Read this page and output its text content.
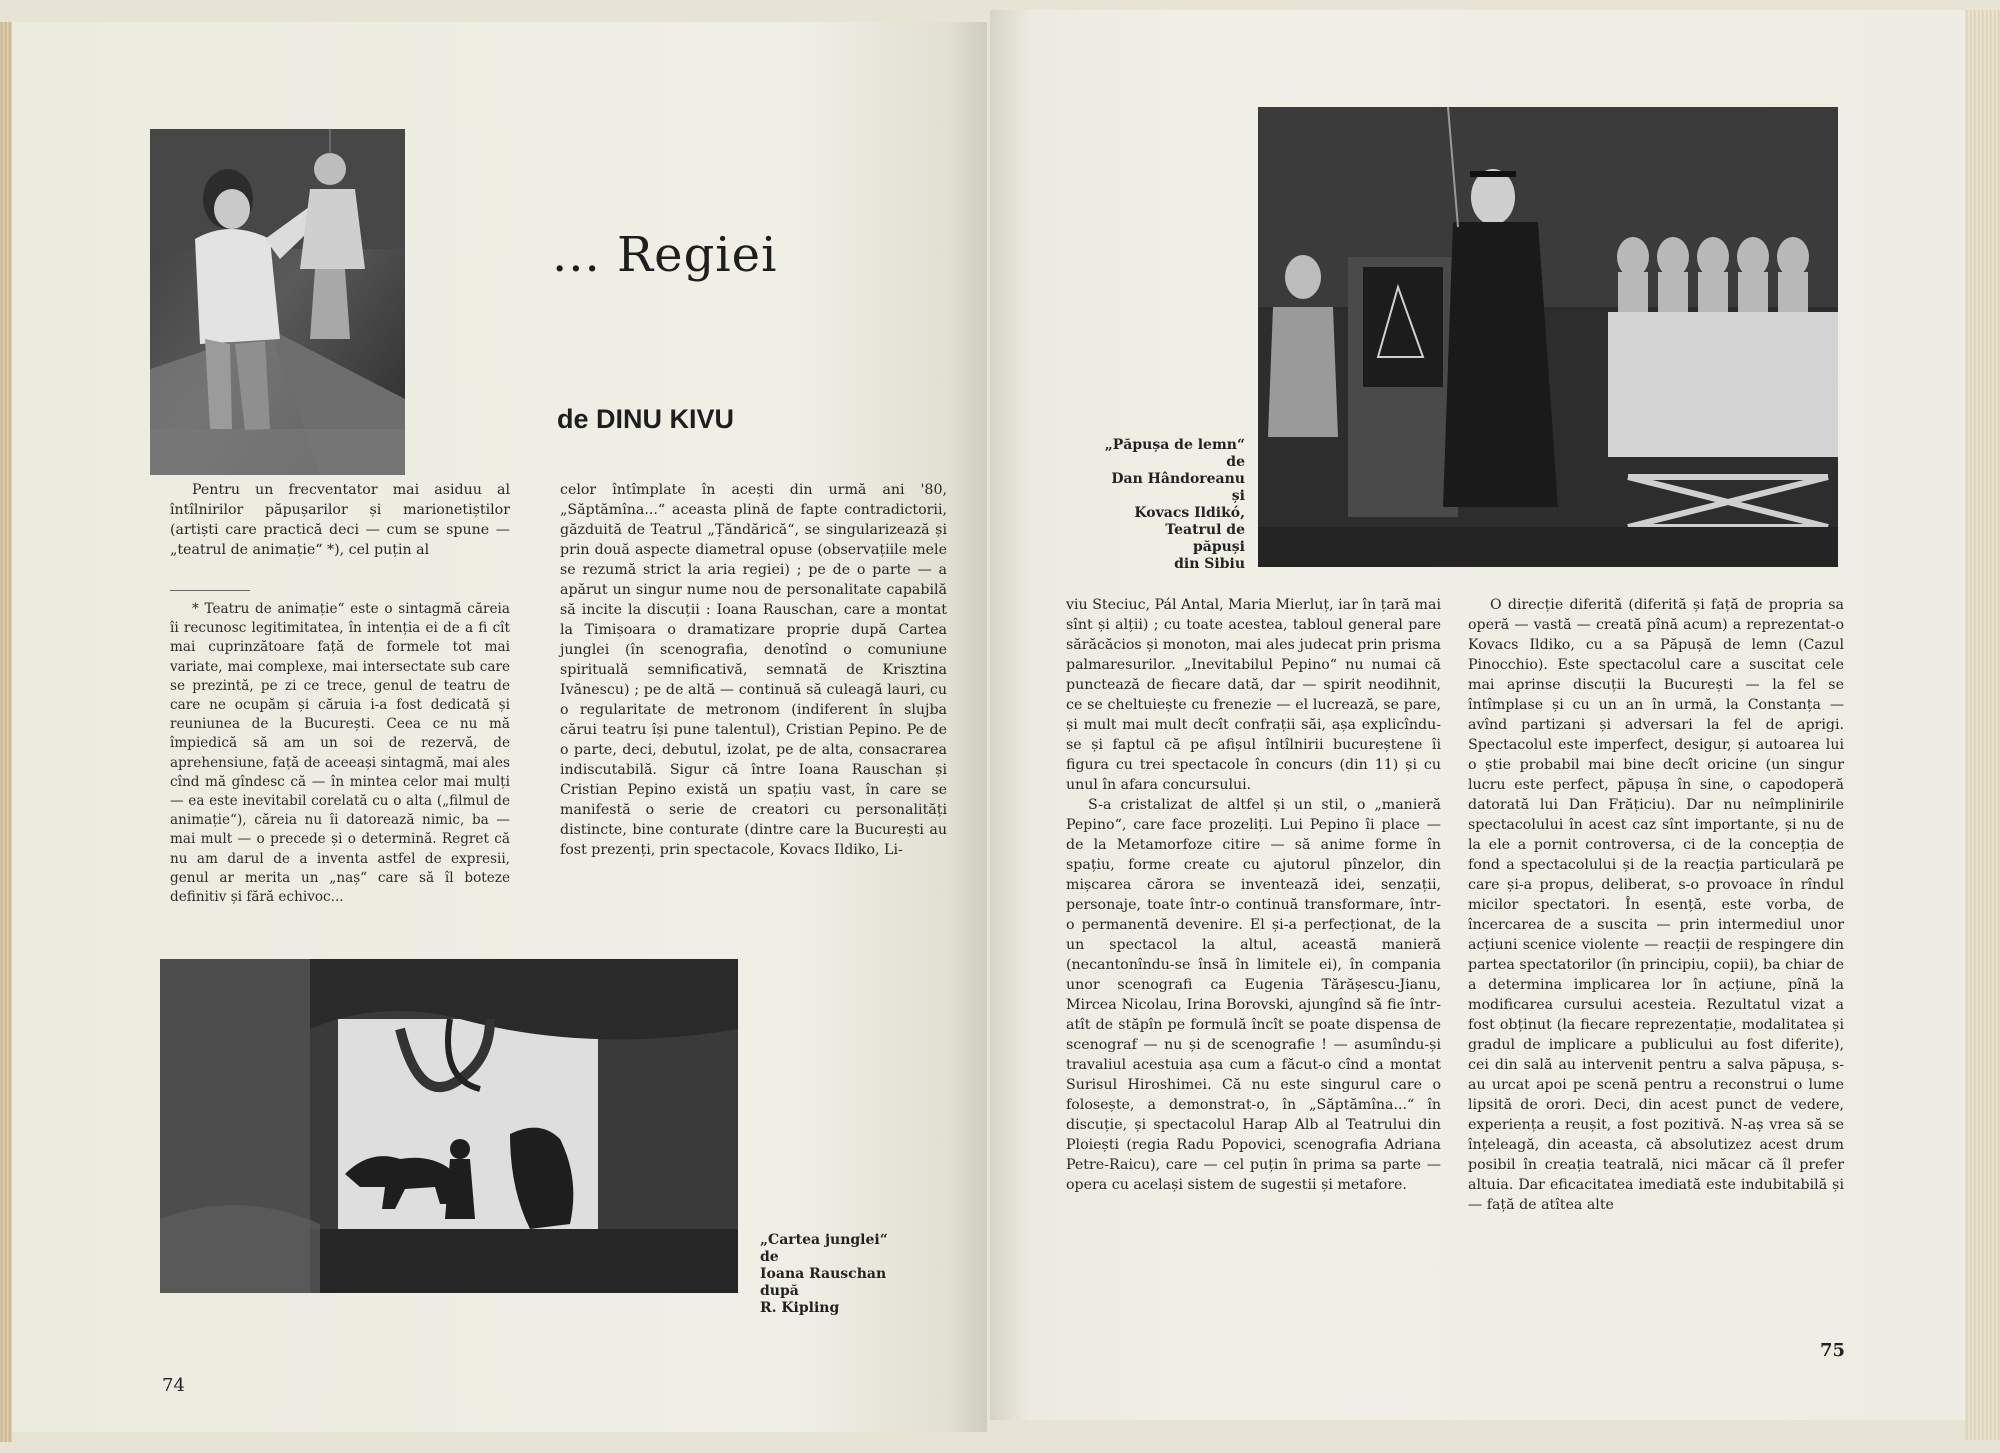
... Regiei
de DINU KIVU

Pentru un frecventator mai asiduu al întîlnirilor păpușarilor și marionetiștilor (artiști care practică deci — cum se spune — „teatrul de animație“ *), cel puțin al

* Teatru de animație“ este o sintagmă căreia îi recunosc legitimitatea, în intenția ei de a fi cît mai cuprinzătoare față de formele tot mai variate, mai complexe, mai intersectate sub care se prezintă, pe zi ce trece, genul de teatru de care ne ocupăm și căruia i-a fost dedicată și reuniunea de la București. Ceea ce nu mă împiedică să am un soi de rezervă, de aprehensiune, față de aceeași sintagmă, mai ales cînd mă gîndesc că — în mintea celor mai mulți — ea este inevitabil corelată cu o alta („filmul de animație“), căreia nu îi datorează nimic, ba — mai mult — o precede și o determină. Regret că nu am darul de a inventa astfel de expresii, genul ar merita un „naș“ care să îl boteze definitiv și fără echivoc...

celor întîmplate în acești din urmă ani '80, „Săptămîna...“ aceasta plină de fapte contradictorii, găzduită de Teatrul „Țăndărică“, se singularizează și prin două aspecte diametral opuse (observațiile mele se rezumă strict la aria regiei) ; pe de o parte — a apărut un singur nume nou de personalitate capabilă să incite la discuții : Ioana Rauschan, care a montat la Timișoara o dramatizare proprie după Cartea junglei (în scenografia, denotînd o comuniune spirituală semnificativă, semnată de Krisztina Ivănescu) ; pe de altă — continuă să culeagă lauri, cu o regularitate de metronom (indiferent în slujba cărui teatru își pune talentul), Cristian Pepino. Pe de o parte, deci, debutul, izolat, pe de alta, consacrarea indiscutabilă. Sigur că între Ioana Rauschan și Cristian Pepino există un spațiu vast, în care se manifestă o serie de creatori cu personalități distincte, bine conturate (dintre care la București au fost prezenți, prin spectacole, Kovacs Ildiko, Li-

„Cartea junglei“
de
Ioana Rauschan
după
R. Kipling
74
„Păpușa de lemn“
de
Dan Hândoreanu
și
Kovacs Ildikó,
Teatrul de
păpuși
din Sibiu

viu Steciuc, Pál Antal, Maria Mierluț, iar în țară mai sînt și alții) ; cu toate acestea, tabloul general pare sărăcăcios și monoton, mai ales judecat prin prisma palmaresurilor. „Inevitabilul Pepino“ nu numai că punctează de fiecare dată, dar — spirit neodihnit, ce se cheltuiește cu frenezie — el lucrează, se pare, și mult mai mult decît confrații săi, așa explicîndu-se și faptul că pe afișul întîlnirii bucureștene îi figura cu trei spectacole în concurs (din 11) și cu unul în afara concursului.

S-a cristalizat de altfel și un stil, o „manieră Pepino“, care face prozeliți. Lui Pepino îi place — de la Metamorfoze citire — să anime forme în spațiu, forme create cu ajutorul pînzelor, din mișcarea cărora se inventează idei, senzații, personaje, toate într-o continuă transformare, într-o permanentă devenire. El și-a perfecționat, de la un spectacol la altul, această manieră (necantonîndu-se însă în limitele ei), în compania unor scenografi ca Eugenia Tărășescu-Jianu, Mircea Nicolau, Irina Borovski, ajungînd să fie într-atît de stăpîn pe formulă încît se poate dispensa de scenograf — nu și de scenografie ! — asumîndu-și travaliul acestuia așa cum a făcut-o cînd a montat Surisul Hiroshimei. Că nu este singurul care o folosește, a demonstrat-o, în „Săptămîna...“ în discuție, și spectacolul Harap Alb al Teatrului din Ploiești (regia Radu Popovici, scenografia Adriana Petre-Raicu), care — cel puțin în prima sa parte — opera cu același sistem de sugestii și metafore.

O direcție diferită (diferită și față de propria sa operă — vastă — creată pînă acum) a reprezentat-o Kovacs Ildiko, cu a sa Păpușă de lemn (Cazul Pinocchio). Este spectacolul care a suscitat cele mai aprinse discuții la București — la fel se întîmplase și cu un an în urmă, la Constanța — avînd partizani și adversari la fel de aprigi. Spectacolul este imperfect, desigur, și autoarea lui o știe probabil mai bine decît oricine (un singur lucru este perfect, păpușa în sine, o capodoperă datorată lui Dan Frățiciu). Dar nu neîmplinirile spectacolului în acest caz sînt importante, și nu de la ele a pornit controversa, ci de la concepția de fond a spectacolului și de la reacția particulară pe care și-a propus, deliberat, s-o provoace în rîndul micilor spectatori. În esență, este vorba, de încercarea de a suscita — prin intermediul unor acțiuni scenice violente — reacții de respingere din partea spectatorilor (în principiu, copii), ba chiar de a determina implicarea lor în acțiune, pînă la modificarea cursului acesteia. Rezultatul vizat a fost obținut (la fiecare reprezentație, modalitatea și gradul de implicare a publicului au fost diferite), cei din sală au intervenit pentru a salva păpușa, s-au urcat apoi pe scenă pentru a reconstrui o lume lipsită de orori. Deci, din acest punct de vedere, experiența a reușit, a fost pozitivă. N-aș vrea să se înțeleagă, din aceasta, că absolutizez acest drum posibil în creația teatrală, nici măcar că îl prefer altuia. Dar eficacitatea imediată este indubitabilă și — față de atîtea alte

75
